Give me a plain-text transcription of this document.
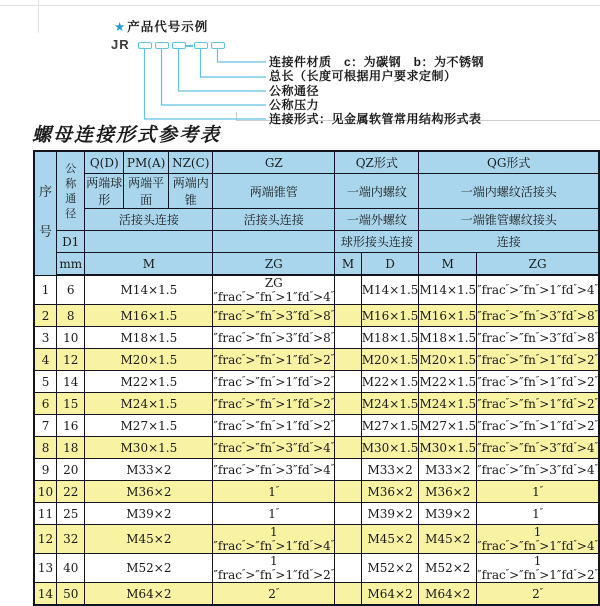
★产品代号示例
JR
连接件材质　c：为碳钢　b：为不锈钢
总长（长度可根据用户要求定制）
公称通径
公称压力
连接形式：见金属软管常用结构形式表
螺母连接形式参考表
序号	公称通径	Q(D)	PM(A)	NZ(C)	GZ	QZ形式		QG形式	
		两端球形	两端平面	两端内锥	两端锥管	一端内螺纹		一端内螺纹活接头	
		活接头连接			活接头连接	一端外螺纹		一端锥管螺纹接头	
	D1					球形接头连接		连接	
	mm	M			ZG	M	D	M	ZG
1	6	M14×1.5			ZG ″frac″>″fn″>1″fd″>4″		M14×1.5	M14×1.5	″frac″>″fn″>1″fd″>4″
2	8	M16×1.5			″frac″>″fn″>3″fd″>8″		M16×1.5	M16×1.5	″frac″>″fn″>3″fd″>8″
3	10	M18×1.5			″frac″>″fn″>3″fd″>8″		M18×1.5	M18×1.5	″frac″>″fn″>3″fd″>8″
4	12	M20×1.5			″frac″>″fn″>1″fd″>2″		M20×1.5	M20×1.5	″frac″>″fn″>1″fd″>2″
5	14	M22×1.5			″frac″>″fn″>1″fd″>2″		M22×1.5	M22×1.5	″frac″>″fn″>1″fd″>2″
6	15	M24×1.5			″frac″>″fn″>1″fd″>2″		M24×1.5	M24×1.5	″frac″>″fn″>1″fd″>2″
7	16	M27×1.5			″frac″>″fn″>1″fd″>2″		M27×1.5	M27×1.5	″frac″>″fn″>1″fd″>2″
8	18	M30×1.5			″frac″>″fn″>3″fd″>4″		M30×1.5	M30×1.5	″frac″>″fn″>3″fd″>4″
9	20	M33×2			″frac″>″fn″>3″fd″>4″		M33×2	M33×2	″frac″>″fn″>3″fd″>4″
10	22	M36×2			1″		M36×2	M36×2	1″
11	25	M39×2			1″		M39×2	M39×2	1″
12	32	M45×2			1 ″frac″>″fn″>1″fd″>4″		M45×2	M45×2	1 ″frac″>″fn″>1″fd″>4″
13	40	M52×2			1 ″frac″>″fn″>1″fd″>2″		M52×2	M52×2	1 ″frac″>″fn″>1″fd″>2″
14	50	M64×2			2″		M64×2	M64×2	2″
